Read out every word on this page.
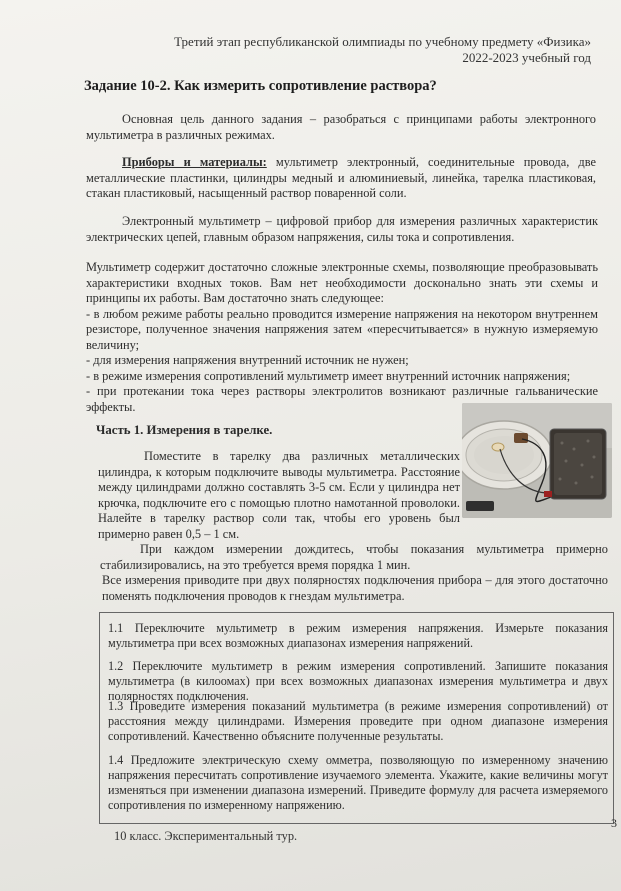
Третий этап республиканской олимпиады по учебному предмету «Физика»
2022-2023 учебный год
Задание 10-2. Как измерить сопротивление раствора?
Основная цель данного задания – разобраться с принципами работы электронного мультиметра в различных режимах.
Приборы и материалы: мультиметр электронный, соединительные провода, две металлические пластинки, цилиндры медный и алюминиевый, линейка, тарелка пластиковая, стакан пластиковый, насыщенный раствор поваренной соли.
Электронный мультиметр – цифровой прибор для измерения различных характеристик электрических цепей, главным образом напряжения, силы тока и сопротивления.
Мультиметр содержит достаточно сложные электронные схемы, позволяющие преобразовывать характеристики входных токов. Вам нет необходимости досконально знать эти схемы и принципы их работы. Вам достаточно знать следующее:
- в любом режиме работы реально проводится измерение напряжения на некотором внутреннем резисторе, полученное значения напряжения затем «пересчитывается» в нужную измеряемую величину;
- для измерения напряжения внутренний источник не нужен;
- в режиме измерения сопротивлений мультиметр имеет внутренний источник напряжения;
- при протекании тока через растворы электролитов возникают различные гальванические эффекты.
Часть 1. Измерения в тарелке.
Поместите в тарелку два различных металлических цилиндра, к которым подключите выводы мультиметра. Расстояние между цилиндрами должно составлять 3-5 см. Если у цилиндра нет крючка, подключите его с помощью плотно намотанной проволоки. Налейте в тарелку раствор соли так, чтобы его уровень был примерно равен 0,5 – 1 см.
При каждом измерении дождитесь, чтобы показания мультиметра примерно стабилизировались, на это требуется время порядка 1 мин.
Все измерения приводите при двух полярностях подключения прибора – для этого достаточно поменять подключения проводов к гнездам мультиметра.
1.1 Переключите мультиметр в режим измерения напряжения. Измерьте показания мультиметра при всех возможных диапазонах измерения напряжений.
1.2 Переключите мультиметр в режим измерения сопротивлений. Запишите показания мультиметра (в килоомах) при всех возможных диапазонах измерения мультиметра и двух полярностях подключения.
1.3 Проведите измерения показаний мультиметра (в режиме измерения сопротивлений) от расстояния между цилиндрами. Измерения проведите при одном диапазоне измерения сопротивлений. Качественно объясните полученные результаты.
1.4 Предложите электрическую схему омметра, позволяющую по измеренному значению напряжения пересчитать сопротивление изучаемого элемента. Укажите, какие величины могут изменяться при изменении диапазона измерений. Приведите формулу для расчета измеряемого сопротивления по измеренному напряжению.
10 класс. Экспериментальный тур.
3
